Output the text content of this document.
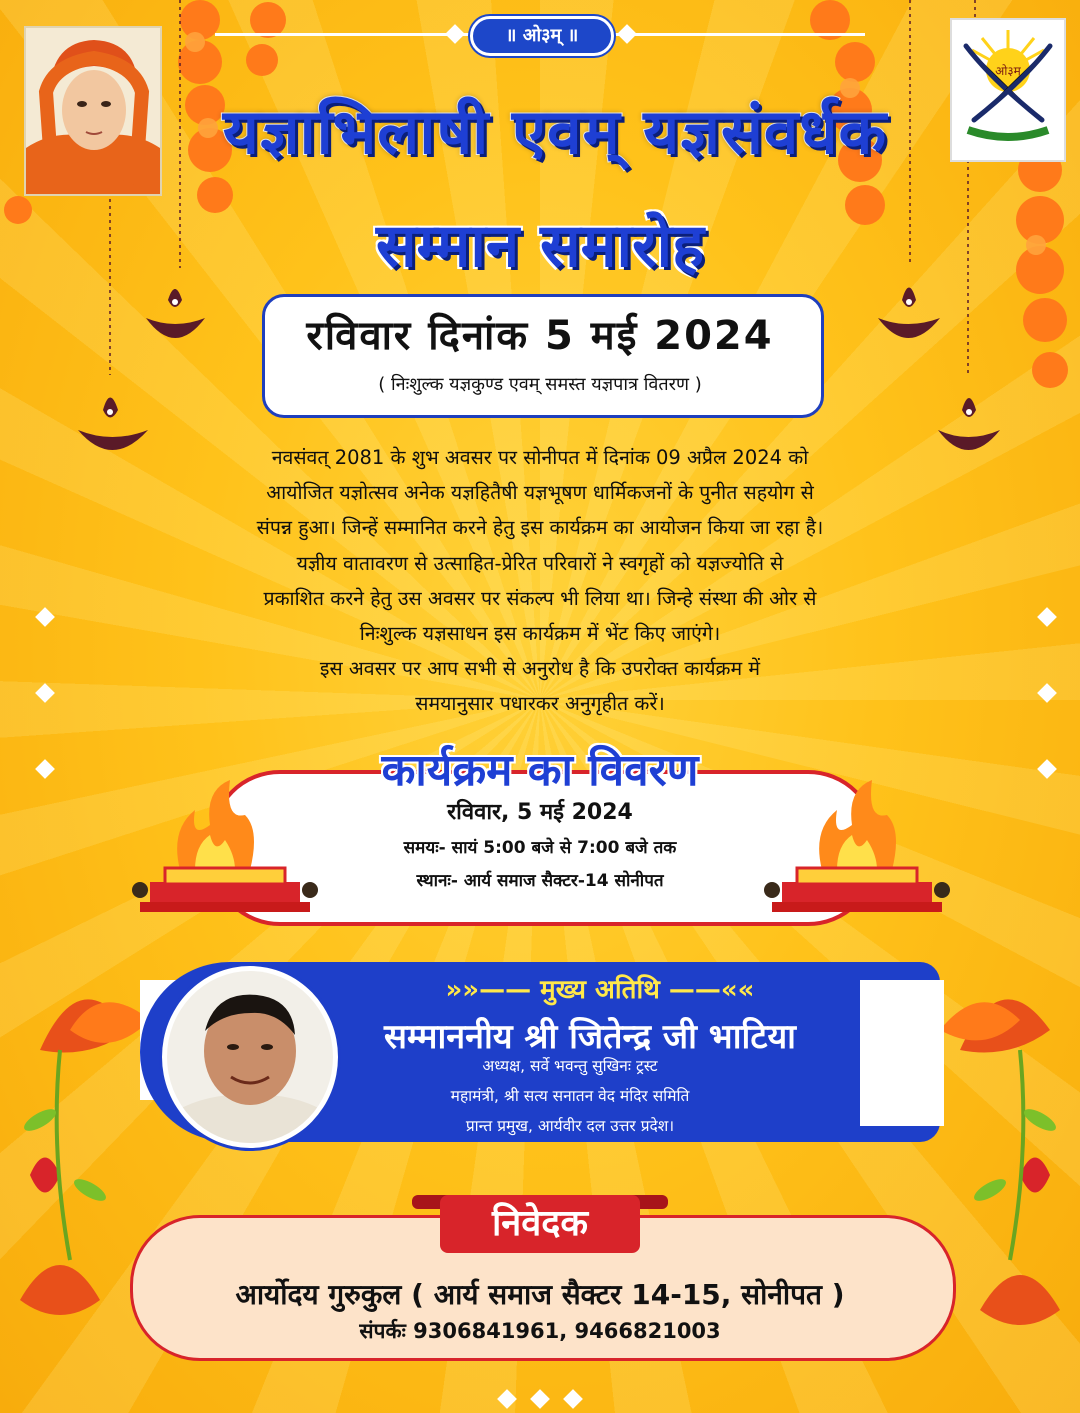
॥ ओ३म् ॥
ओ३म्
यज्ञाभिलाषी एवम् यज्ञसंवर्धक
सम्मान समारोह
रविवार दिनांक 5 मई 2024
( निःशुल्क यज्ञकुण्ड एवम् समस्त यज्ञपात्र वितरण )
नवसंवत् 2081 के शुभ अवसर पर सोनीपत में दिनांक 09 अप्रैल 2024 को
आयोजित यज्ञोत्सव अनेक यज्ञहितैषी यज्ञभूषण धार्मिकजनों के पुनीत सहयोग से
संपन्न हुआ। जिन्हें सम्मानित करने हेतु इस कार्यक्रम का आयोजन किया जा रहा है।
यज्ञीय वातावरण से उत्साहित-प्रेरित परिवारों ने स्वगृहों को यज्ञज्योति से
प्रकाशित करने हेतु उस अवसर पर संकल्प भी लिया था। जिन्हे संस्था की ओर से
निःशुल्क यज्ञसाधन इस कार्यक्रम में भेंट किए जाएंगे।
इस अवसर पर आप सभी से अनुरोध है कि उपरोक्त कार्यक्रम में
समयानुसार पधारकर अनुगृहीत करें।
कार्यक्रम का विवरण
रविवार, 5 मई 2024
समयः- सायं 5:00 बजे से 7:00 बजे तक
स्थानः- आर्य समाज सैक्टर-14 सोनीपत
»»—— मुख्य अतिथि ——««
सम्माननीय श्री जितेन्द्र जी भाटिया
अध्यक्ष, सर्वे भवन्तु सुखिनः ट्रस्ट
महामंत्री, श्री सत्य सनातन वेद मंदिर समिति
प्रान्त प्रमुख, आर्यवीर दल उत्तर प्रदेश।
निवेदक
आर्योदय गुरुकुल ( आर्य समाज सैक्टर 14-15, सोनीपत )
संपर्कः 9306841961, 9466821003
